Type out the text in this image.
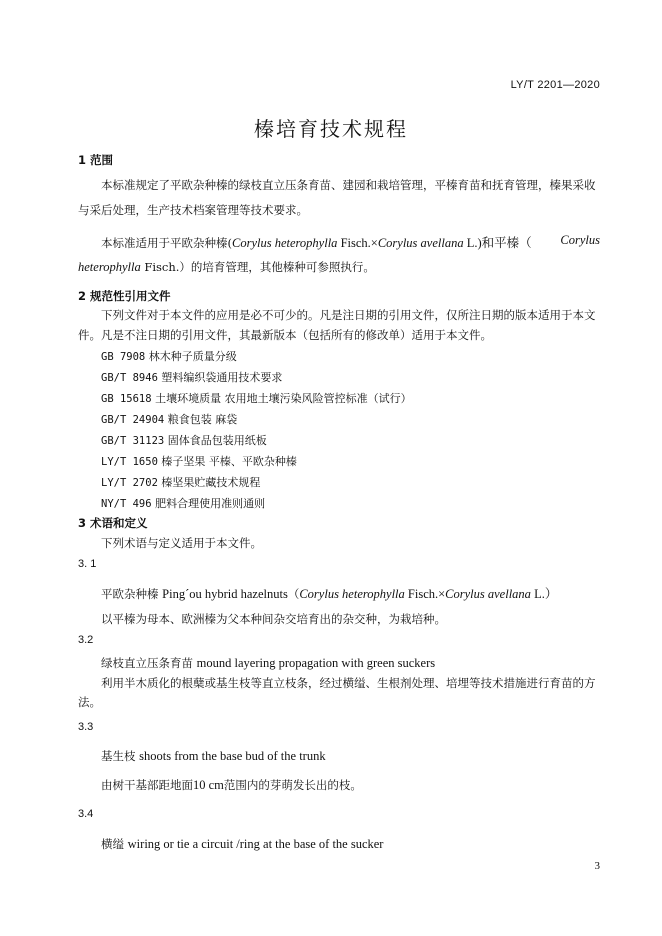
LY/T 2201—2020
榛培育技术规程
1 范围
本标准规定了平欧杂种榛的绿枝直立压条育苗、建园和栽培管理，平榛育苗和抚育管理，榛果采收
与采后处理，生产技术档案管理等技术要求。
本标准适用于平欧杂种榛(Corylus heterophylla Fisch.×Corylus avellana L.)和平榛（ Corylus
heterophylla Fisch.）的培育管理，其他榛种可参照执行。
2 规范性引用文件
下列文件对于本文件的应用是必不可少的。凡是注日期的引用文件，仅所注日期的版本适用于本文
件。凡是不注日期的引用文件，其最新版本（包括所有的修改单）适用于本文件。
GB 7908 林木种子质量分级
GB/T 8946 塑料编织袋通用技术要求
GB 15618 土壤环境质量 农用地土壤污染风险管控标准（试行）
GB/T 24904 粮食包装 麻袋
GB/T 31123 固体食品包装用纸板
LY/T 1650 榛子坚果 平榛、平欧杂种榛
LY/T 2702 榛坚果贮藏技术规程
NY/T 496 肥料合理使用准则通则
3 术语和定义
下列术语与定义适用于本文件。
3. 1
平欧杂种榛 Ping´ou hybrid hazelnuts（Corylus heterophylla Fisch.×Corylus avellana L.）
以平榛为母本、欧洲榛为父本种间杂交培育出的杂交种，为栽培种。
3.2
绿枝直立压条育苗 mound layering propagation with green suckers
利用半木质化的根蘖或基生枝等直立枝条，经过横缢、生根剂处理、培埋等技术措施进行育苗的方
法。
3.3
基生枝 shoots from the base bud of the trunk
由树干基部距地面10 cm范围内的芽萌发长出的枝。
3.4
横缢 wiring or tie a circuit /ring at the base of the sucker
3
